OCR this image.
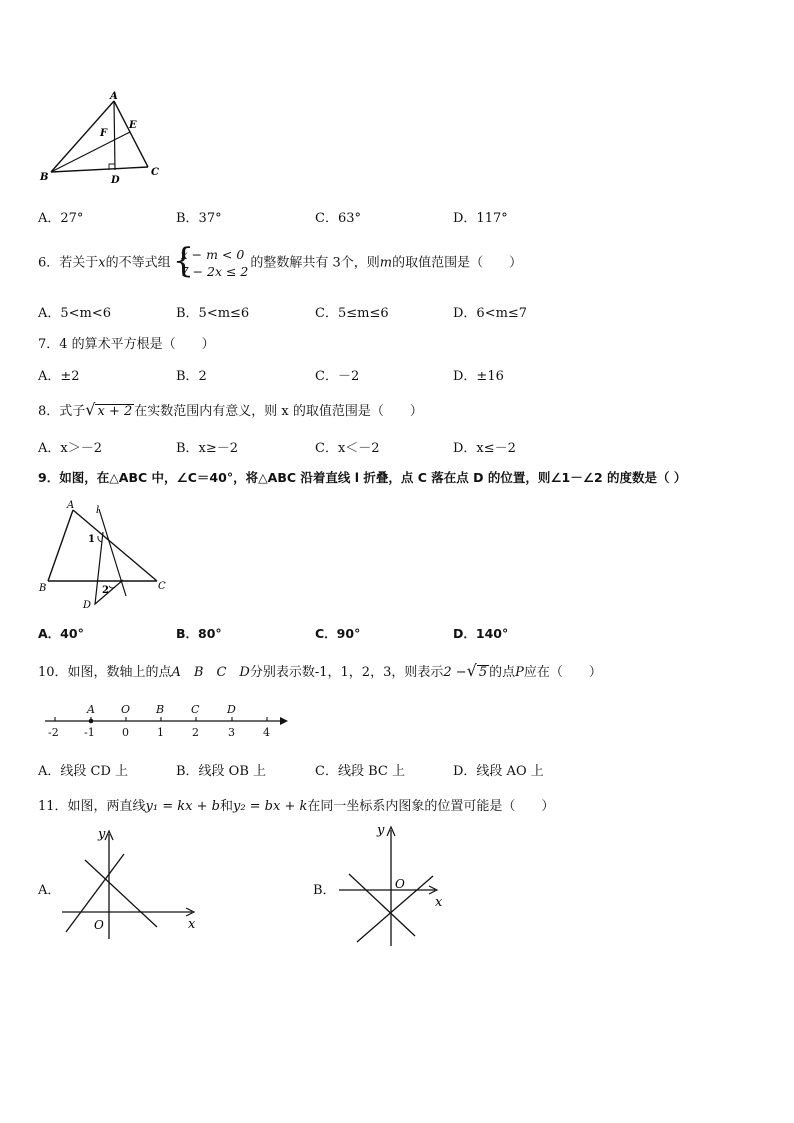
A
B	C
D
E
F
A．27°	B．37°	C．63°	D．117°
6．若关于x的不等式组 {
x − m < 0
7 − 2x ≤ 2
的整数解共有 3个，则m的取值范围是（　　）
A．5<m<6	B．5<m≤6	C．5≤m≤6	D．6<m≤7
7．4 的算术平方根是（　　）
A．±2	B．2	C．－2	D．±16
8．式子√ x + 2 在实数范围内有意义，则 x 的取值范围是（　　）
A．x＞－2	B．x≥－2	C．x＜－2	D．x≤－2
9．如图，在△ABC 中，∠C＝40°，将△ABC 沿着直线 l 折叠，点 C 落在点 D 的位置，则∠1－∠2 的度数是（ ）
A
B	C
D
l
1
2
A．40°	B．80°	C．90°	D．140°
10．如图，数轴上的点A　B　C　D分别表示数-1，1，2，3，则表示2 −√ 5 的点P应在（　　）
A O B C	D
-2 -1 0	1	2	3	4
A．线段 CD 上	B．线段 OB 上	C．线段 BC 上	D．线段 AO 上
11．如图，两直线y₁ = kx + b和y₂ = bx + k在同一坐标系内图象的位置可能是（　　）
A．
y
x
O
B．
y
x
O
